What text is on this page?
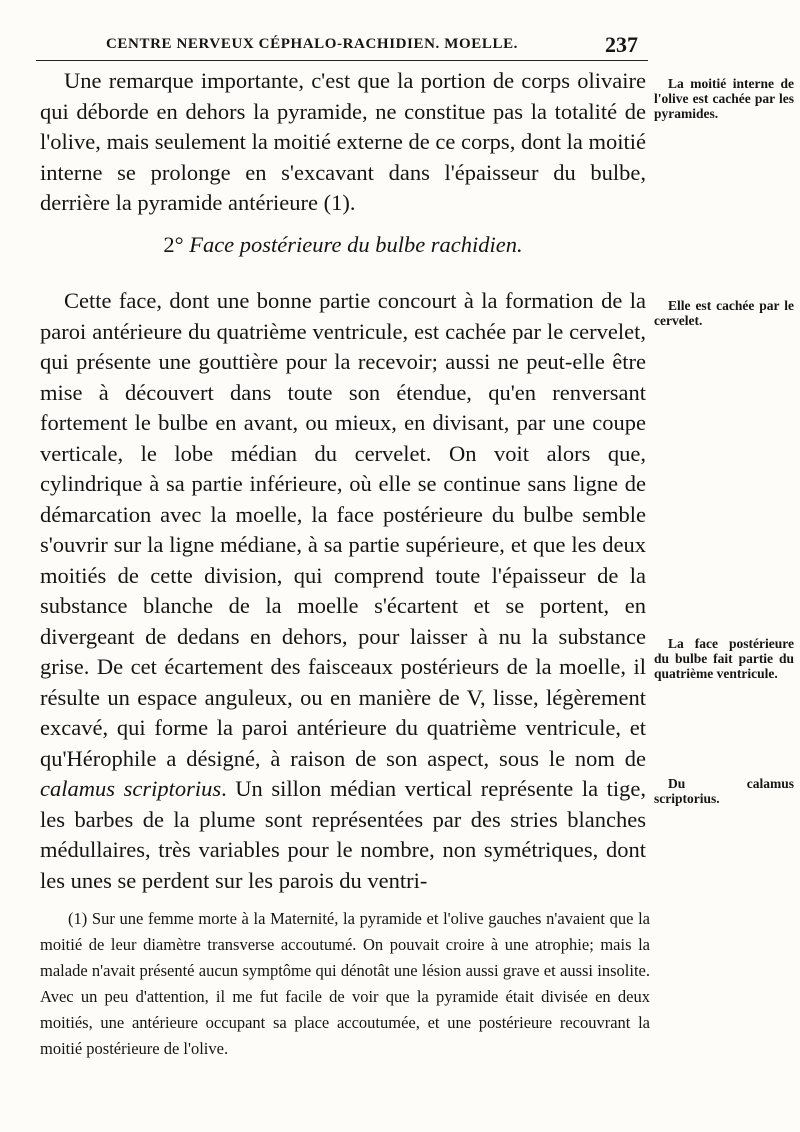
CENTRE NERVEUX CÉPHALO-RACHIDIEN. MOELLE.	237

Une remarque importante, c'est que la portion de corps olivaire qui déborde en dehors la pyramide, ne constitue pas la totalité de l'olive, mais seulement la moitié externe de ce corps, dont la moitié interne se prolonge en s'excavant dans l'épaisseur du bulbe, derrière la pyramide antérieure (1).

2° Face postérieure du bulbe rachidien.

Cette face, dont une bonne partie concourt à la formation de la paroi antérieure du quatrième ventricule, est cachée par le cervelet, qui présente une gouttière pour la recevoir; aussi ne peut-elle être mise à découvert dans toute son étendue, qu'en renversant fortement le bulbe en avant, ou mieux, en divisant, par une coupe verticale, le lobe médian du cervelet. On voit alors que, cylindrique à sa partie inférieure, où elle se continue sans ligne de démarcation avec la moelle, la face postérieure du bulbe semble s'ouvrir sur la ligne médiane, à sa partie supérieure, et que les deux moitiés de cette division, qui comprend toute l'épaisseur de la substance blanche de la moelle s'écartent et se portent, en divergeant de dedans en dehors, pour laisser à nu la substance grise. De cet écartement des faisceaux postérieurs de la moelle, il résulte un espace anguleux, ou en manière de V, lisse, légèrement excavé, qui forme la paroi antérieure du quatrième ventricule, et qu'Hérophile a désigné, à raison de son aspect, sous le nom de calamus scriptorius. Un sillon médian vertical représente la tige, les barbes de la plume sont représentées par des stries blanches médullaires, très variables pour le nombre, non symétriques, dont les unes se perdent sur les parois du ventri-

La moitié interne de l'olive est cachée par les pyramides.
Elle est cachée par le cervelet.
La face postérieure du bulbe fait partie du quatrième ventricule.
Du calamus scriptorius.

(1) Sur une femme morte à la Maternité, la pyramide et l'olive gauches n'avaient que la moitié de leur diamètre transverse accoutumé. On pouvait croire à une atrophie; mais la malade n'avait présenté aucun symptôme qui dénotât une lésion aussi grave et aussi insolite. Avec un peu d'attention, il me fut facile de voir que la pyramide était divisée en deux moitiés, une antérieure occupant sa place accoutumée, et une postérieure recouvrant la moitié postérieure de l'olive.
